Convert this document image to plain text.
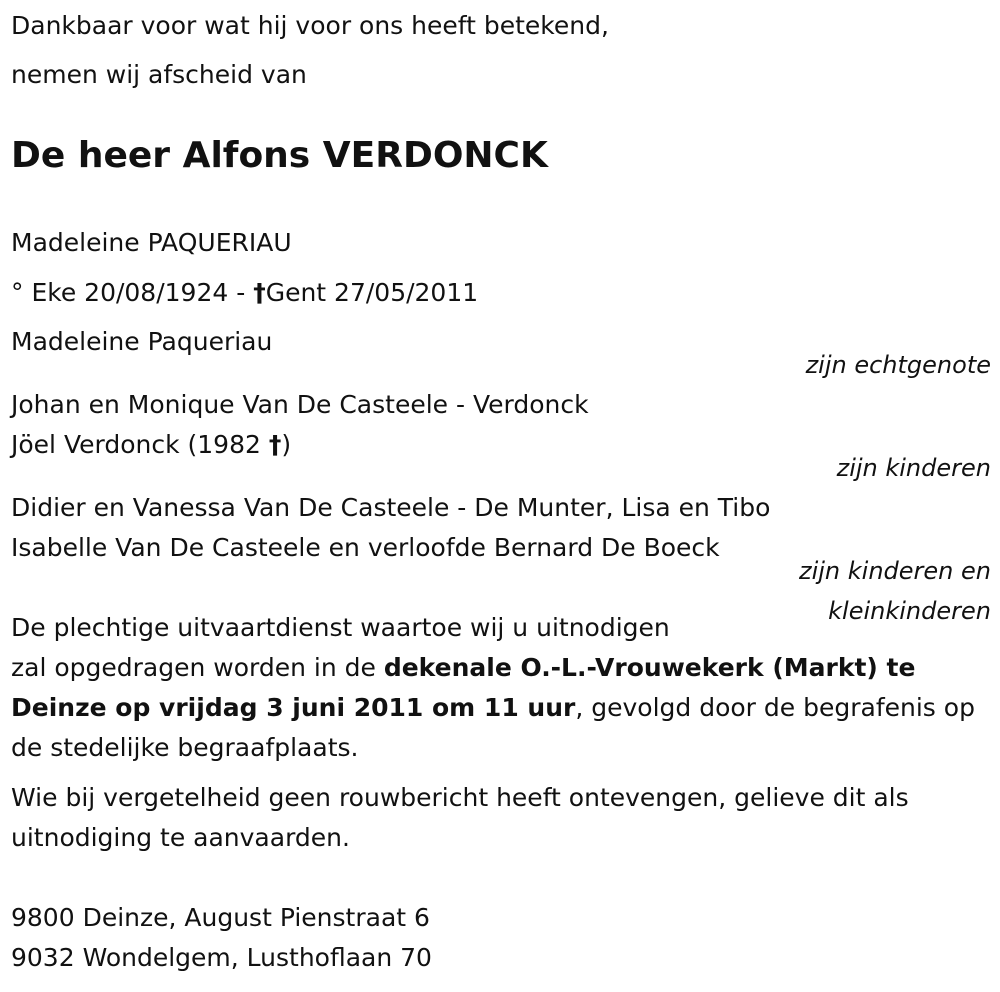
Dankbaar voor wat hij voor ons heeft betekend,
nemen wij afscheid van
De heer Alfons VERDONCK
Madeleine PAQUERIAU
° Eke 20/08/1924 - †Gent 27/05/2011
Madeleine Paqueriau
zijn echtgenote
Johan en Monique Van De Casteele - Verdonck
Jöel Verdonck (1982 †)
zijn kinderen
Didier en Vanessa Van De Casteele - De Munter, Lisa en Tibo
Isabelle Van De Casteele en verloofde Bernard De Boeck
zijn kinderen en
kleinkinderen
De plechtige uitvaartdienst waartoe wij u uitnodigen
zal opgedragen worden in de dekenale O.-L.-Vrouwekerk (Markt) te
Deinze op vrijdag 3 juni 2011 om 11 uur, gevolgd door de begrafenis op
de stedelijke begraafplaats.
Wie bij vergetelheid geen rouwbericht heeft ontevengen, gelieve dit als
uitnodiging te aanvaarden.
9800 Deinze, August Pienstraat 6
9032 Wondelgem, Lusthoflaan 70
